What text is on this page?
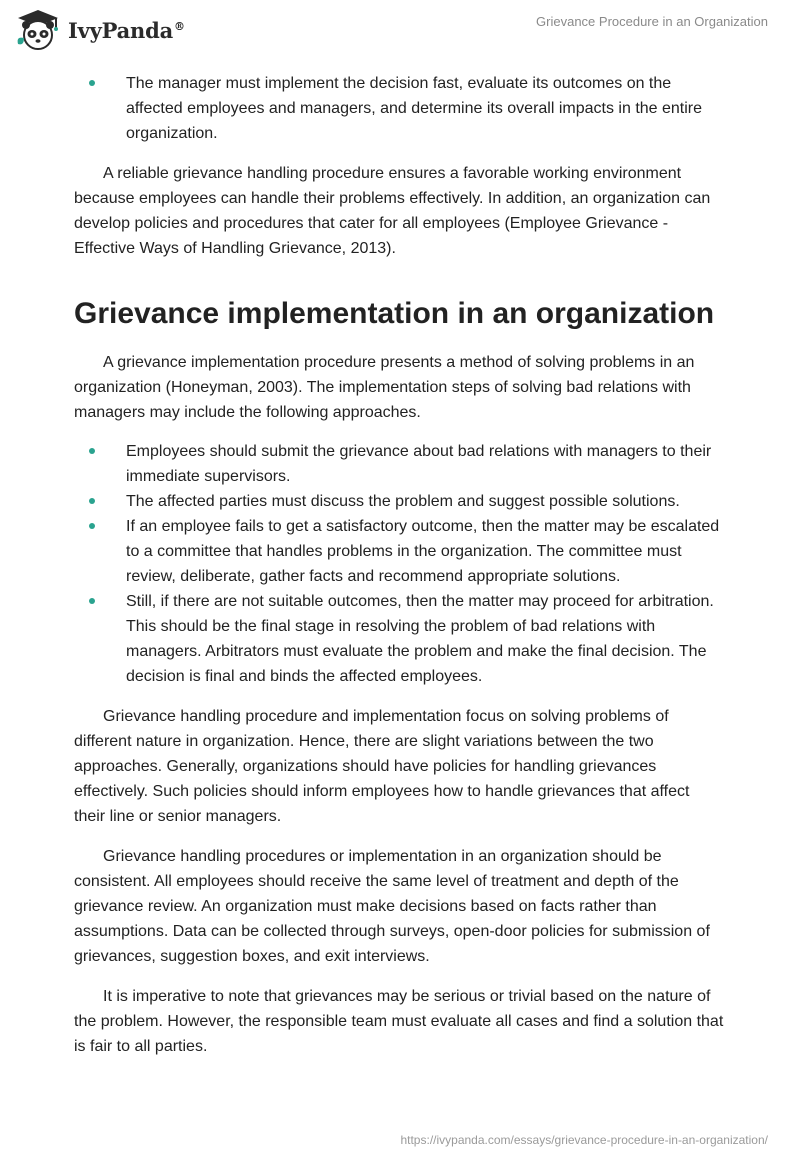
IvyPanda®	Grievance Procedure in an Organization
The manager must implement the decision fast, evaluate its outcomes on the affected employees and managers, and determine its overall impacts in the entire organization.

A reliable grievance handling procedure ensures a favorable working environment because employees can handle their problems effectively. In addition, an organization can develop policies and procedures that cater for all employees (Employee Grievance - Effective Ways of Handling Grievance, 2013).

Grievance implementation in an organization

A grievance implementation procedure presents a method of solving problems in an organization (Honeyman, 2003). The implementation steps of solving bad relations with managers may include the following approaches.

Employees should submit the grievance about bad relations with managers to their immediate supervisors.
The affected parties must discuss the problem and suggest possible solutions.
If an employee fails to get a satisfactory outcome, then the matter may be escalated to a committee that handles problems in the organization. The committee must review, deliberate, gather facts and recommend appropriate solutions.
Still, if there are not suitable outcomes, then the matter may proceed for arbitration. This should be the final stage in resolving the problem of bad relations with managers. Arbitrators must evaluate the problem and make the final decision. The decision is final and binds the affected employees.

Grievance handling procedure and implementation focus on solving problems of different nature in organization. Hence, there are slight variations between the two approaches. Generally, organizations should have policies for handling grievances effectively. Such policies should inform employees how to handle grievances that affect their line or senior managers.

Grievance handling procedures or implementation in an organization should be consistent. All employees should receive the same level of treatment and depth of the grievance review. An organization must make decisions based on facts rather than assumptions. Data can be collected through surveys, open-door policies for submission of grievances, suggestion boxes, and exit interviews.

It is imperative to note that grievances may be serious or trivial based on the nature of the problem. However, the responsible team must evaluate all cases and find a solution that is fair to all parties.

https://ivypanda.com/essays/grievance-procedure-in-an-organization/
